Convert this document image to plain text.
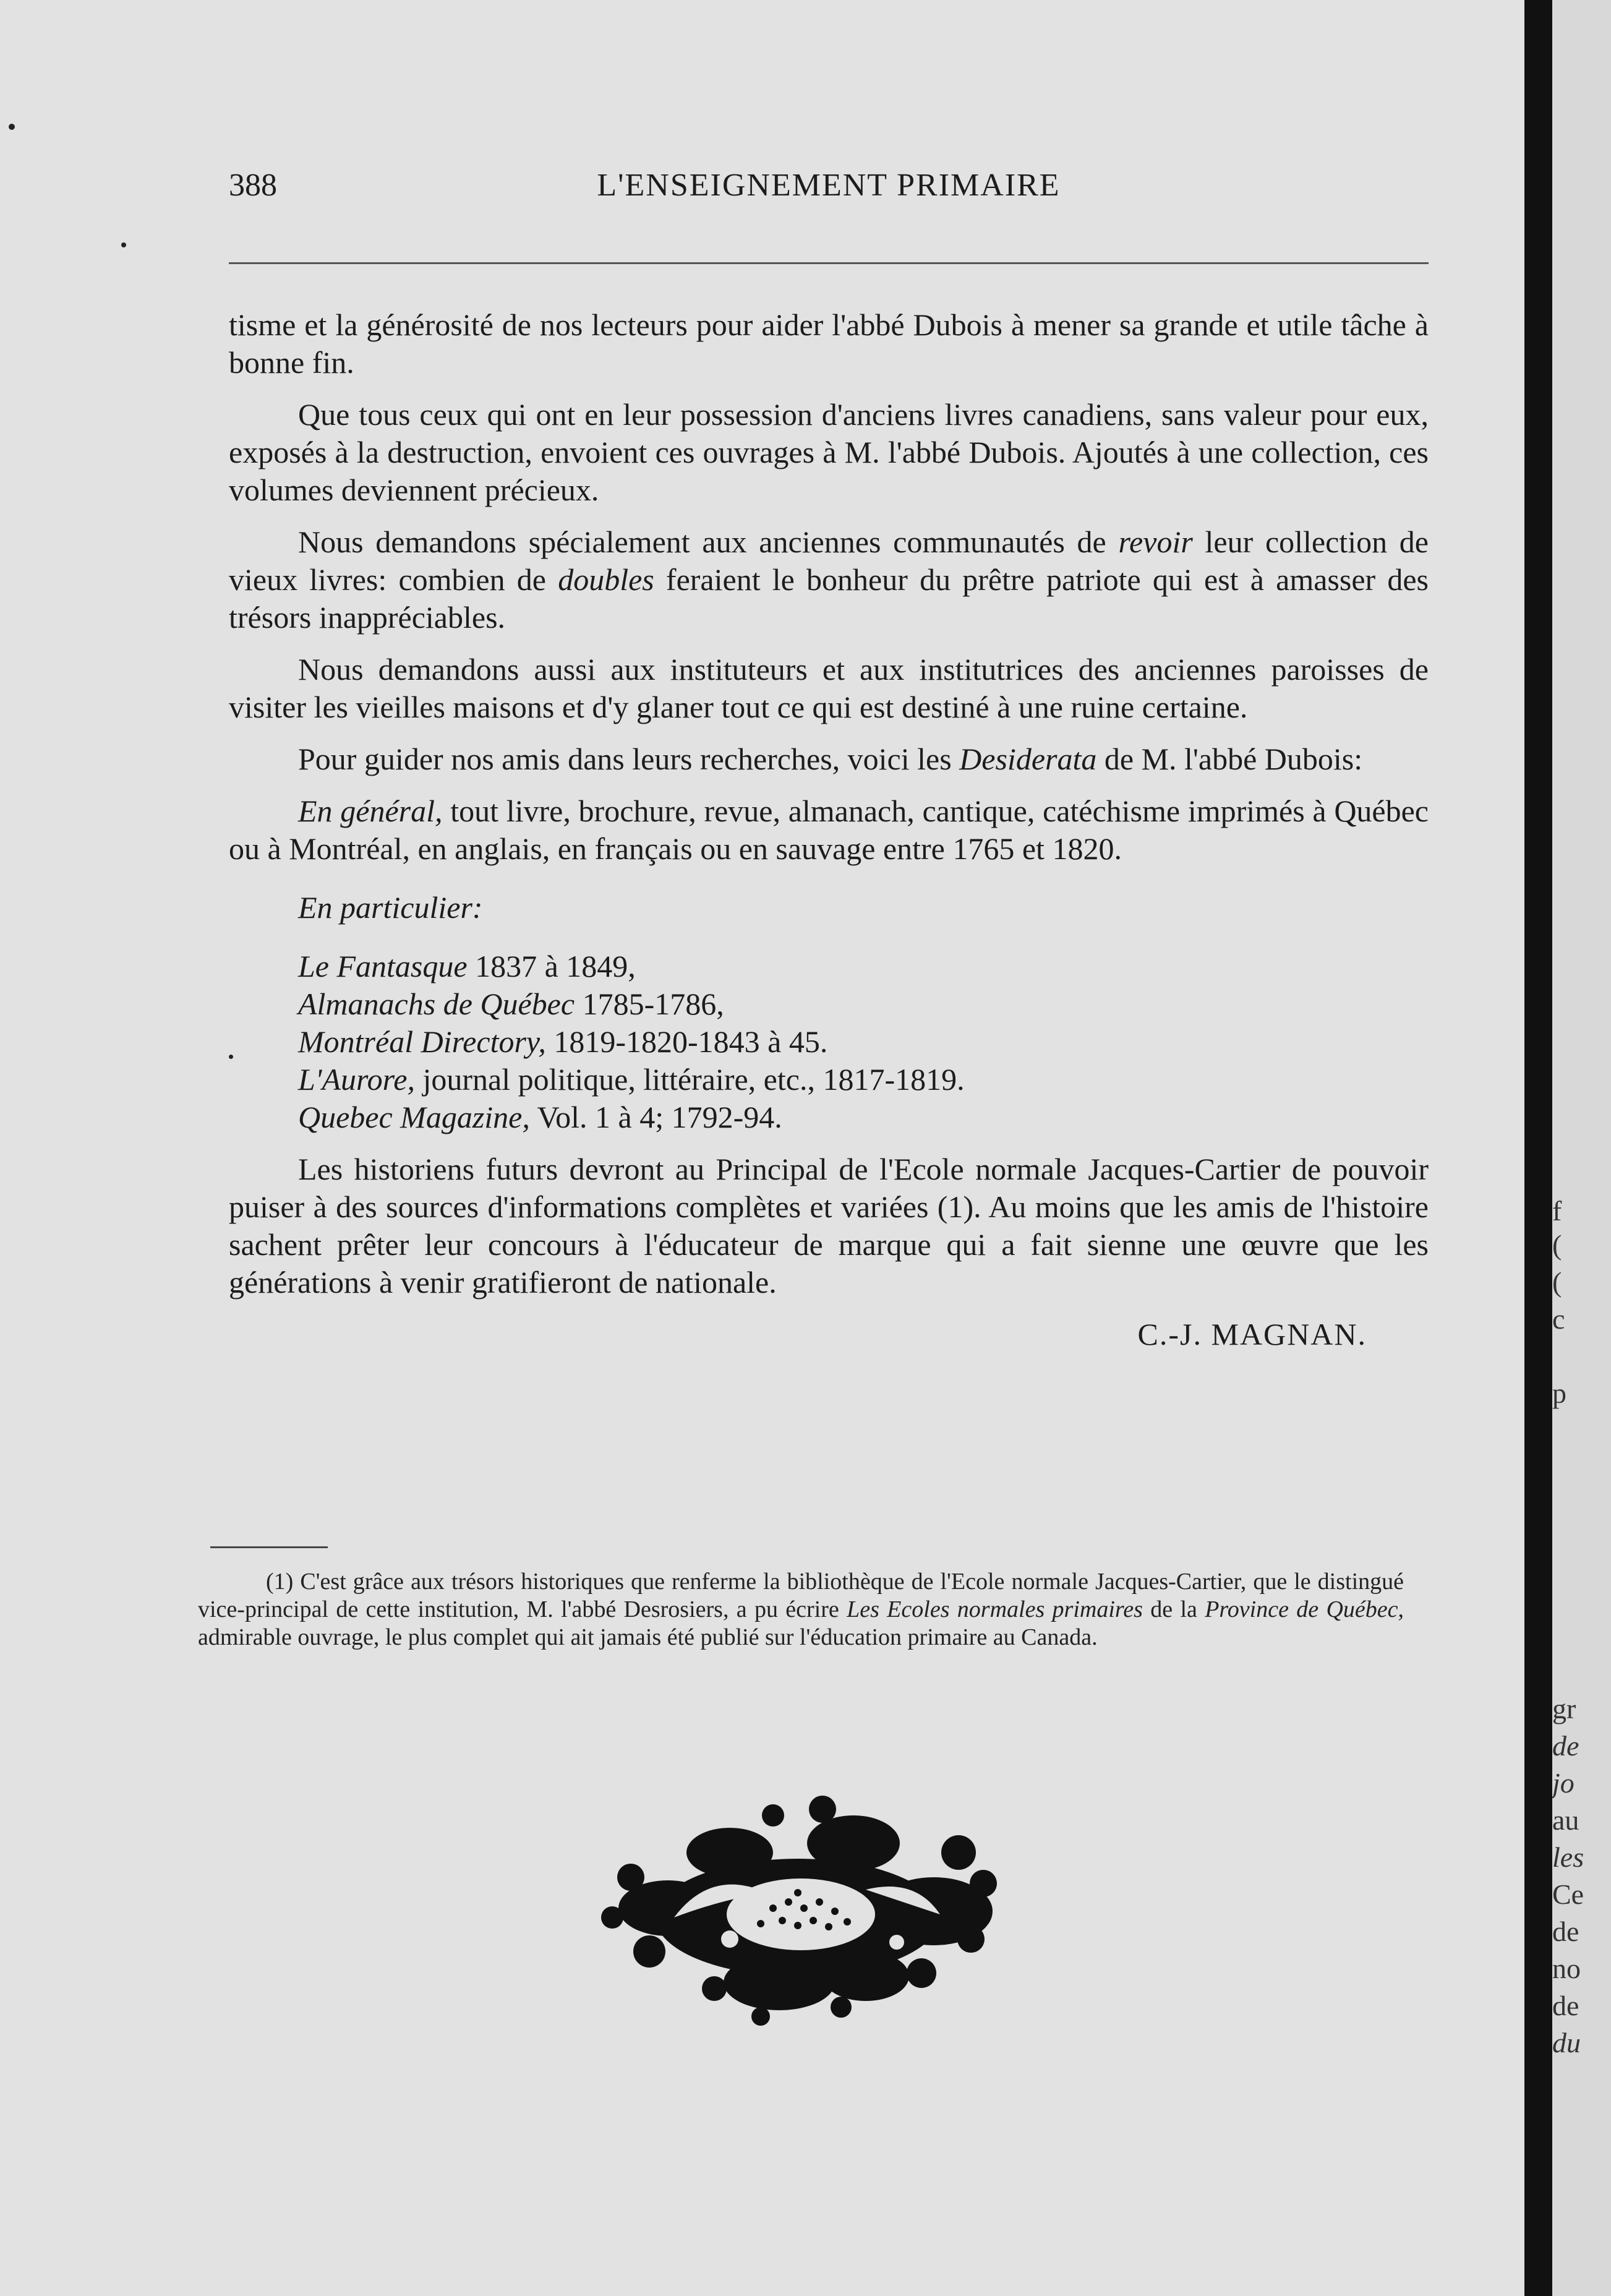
388	L'ENSEIGNEMENT PRIMAIRE

tisme et la générosité de nos lecteurs pour aider l'abbé Dubois à mener sa grande et utile tâche à bonne fin.

Que tous ceux qui ont en leur possession d'anciens livres canadiens, sans valeur pour eux, exposés à la destruction, envoient ces ouvrages à M. l'abbé Dubois. Ajoutés à une collection, ces volumes deviennent précieux.

Nous demandons spécialement aux anciennes communautés de revoir leur collection de vieux livres: combien de doubles feraient le bonheur du prêtre patriote qui est à amasser des trésors inappréciables.

Nous demandons aussi aux instituteurs et aux institutrices des anciennes paroisses de visiter les vieilles maisons et d'y glaner tout ce qui est destiné à une ruine certaine.

Pour guider nos amis dans leurs recherches, voici les Desiderata de M. l'abbé Dubois:

En général, tout livre, brochure, revue, almanach, cantique, catéchisme imprimés à Québec ou à Montréal, en anglais, en français ou en sauvage entre 1765 et 1820.

En particulier:

Le Fantasque 1837 à 1849,
Almanachs de Québec 1785-1786,
Montréal Directory, 1819-1820-1843 à 45.
L'Aurore, journal politique, littéraire, etc., 1817-1819.
Quebec Magazine, Vol. 1 à 4; 1792-94.

Les historiens futurs devront au Principal de l'Ecole normale Jacques-Cartier de pouvoir puiser à des sources d'informations complètes et variées (1). Au moins que les amis de l'histoire sachent prêter leur concours à l'éducateur de marque qui a fait sienne une œuvre que les générations à venir gratifieront de nationale.

C.-J. MAGNAN.
(1) C'est grâce aux trésors historiques que renferme la bibliothèque de l'Ecole normale Jacques-Cartier, que le distingué vice-principal de cette institution, M. l'abbé Desrosiers, a pu écrire Les Ecoles normales primaires de la Province de Québec, admirable ouvrage, le plus complet qui ait jamais été publié sur l'éducation primaire au Canada.
f
(
(
c
p
gr
de
jo
au
les
Ce
de
no
de
du
